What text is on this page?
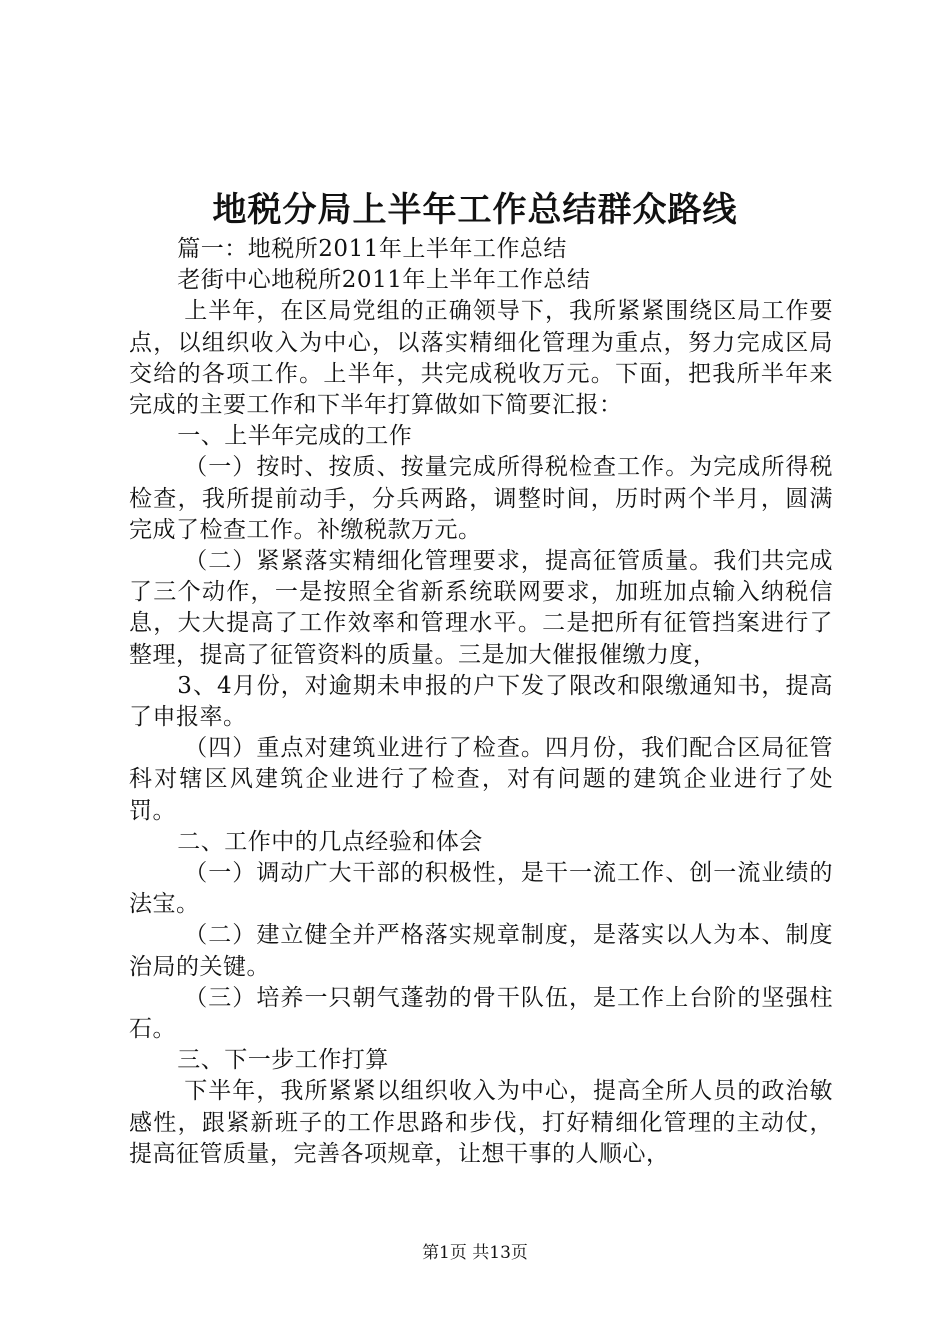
地税分局上半年工作总结群众路线

篇一：地税所2011年上半年工作总结

老街中心地税所2011年上半年工作总结

上半年，在区局党组的正确领导下，我所紧紧围绕区局工作要点，以组织收入为中心，以落实精细化管理为重点，努力完成区局交给的各项工作。上半年，共完成税收万元。下面，把我所半年来完成的主要工作和下半年打算做如下简要汇报：

一、上半年完成的工作

（一）按时、按质、按量完成所得税检查工作。为完成所得税检查，我所提前动手，分兵两路，调整时间，历时两个半月，圆满完成了检查工作。补缴税款万元。

（二）紧紧落实精细化管理要求，提高征管质量。我们共完成了三个动作，一是按照全省新系统联网要求，加班加点输入纳税信息，大大提高了工作效率和管理水平。二是把所有征管挡案进行了整理，提高了征管资料的质量。三是加大催报催缴力度，

3、4月份，对逾期未申报的户下发了限改和限缴通知书，提高了申报率。

（四）重点对建筑业进行了检查。四月份，我们配合区局征管科对辖区风建筑企业进行了检查，对有问题的建筑企业进行了处罚。

二、工作中的几点经验和体会

（一）调动广大干部的积极性，是干一流工作、创一流业绩的法宝。

（二）建立健全并严格落实规章制度，是落实以人为本、制度治局的关键。

（三）培养一只朝气蓬勃的骨干队伍，是工作上台阶的坚强柱石。

三、下一步工作打算

下半年，我所紧紧以组织收入为中心，提高全所人员的政治敏感性，跟紧新班子的工作思路和步伐，打好精细化管理的主动仗，提高征管质量，完善各项规章，让想干事的人顺心，

第1页 共13页
